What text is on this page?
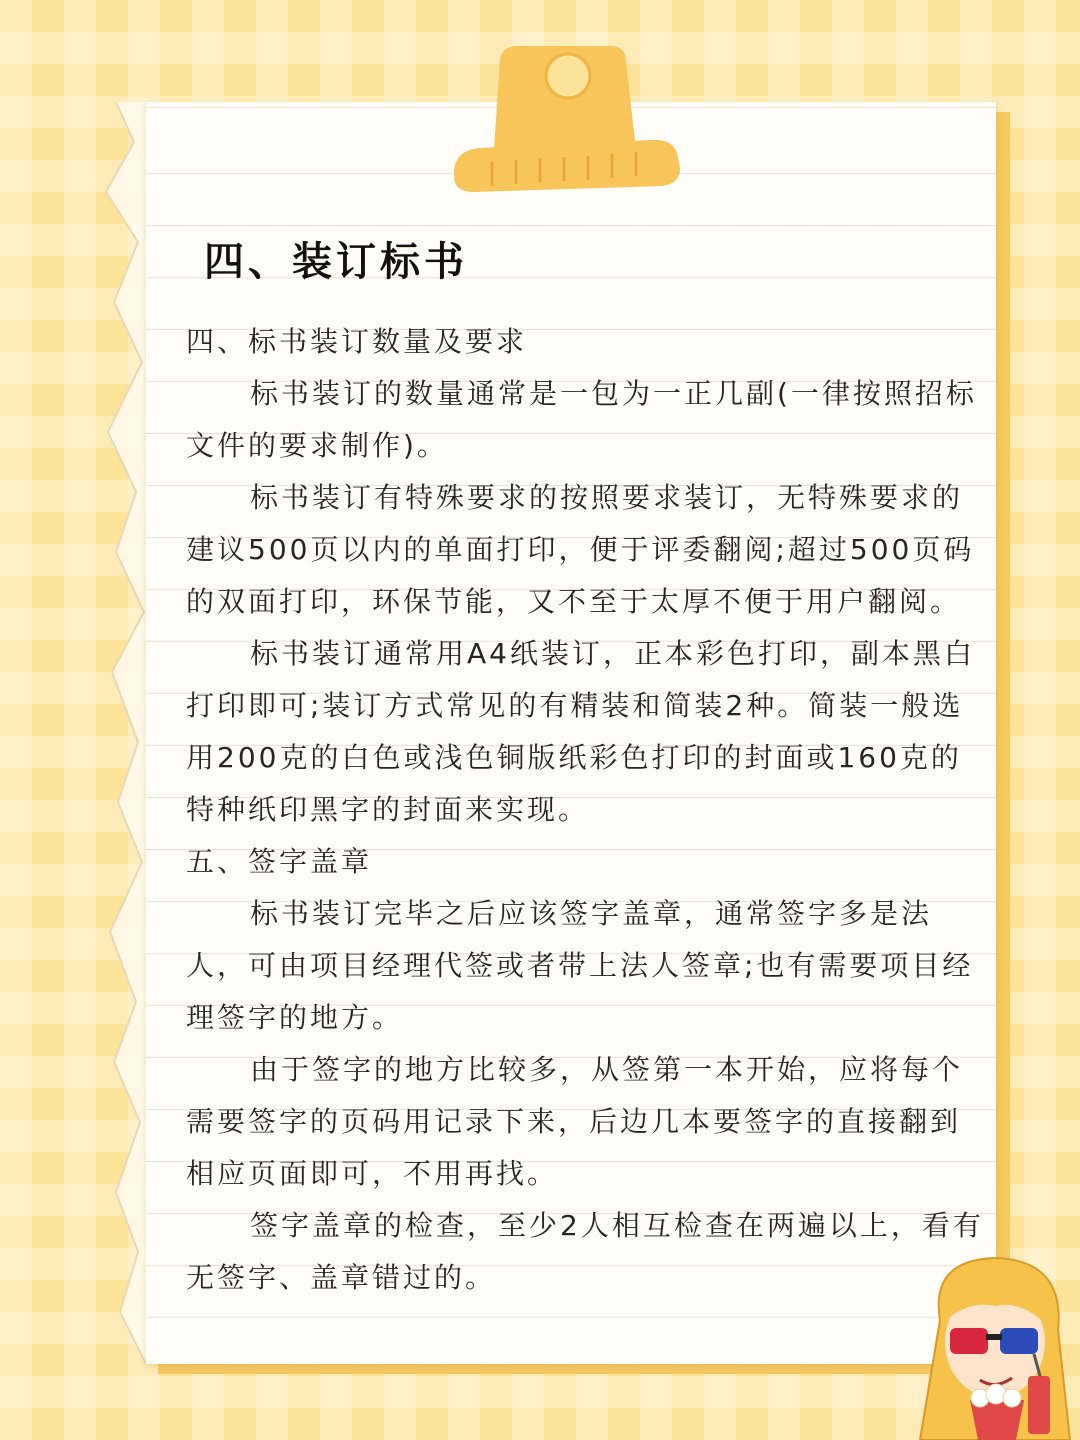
四、装订标书
四、标书装订数量及要求

标书装订的数量通常是一包为一正几副(一律按照招标文件的要求制作)。

标书装订有特殊要求的按照要求装订，无特殊要求的建议500页以内的单面打印，便于评委翻阅;超过500页码的双面打印，环保节能，又不至于太厚不便于用户翻阅。

标书装订通常用A4纸装订，正本彩色打印，副本黑白打印即可;装订方式常见的有精装和简装2种。简装一般选用200克的白色或浅色铜版纸彩色打印的封面或160克的特种纸印黑字的封面来实现。

五、签字盖章

标书装订完毕之后应该签字盖章，通常签字多是法人，可由项目经理代签或者带上法人签章;也有需要项目经理签字的地方。

由于签字的地方比较多，从签第一本开始，应将每个需要签字的页码用记录下来，后边几本要签字的直接翻到相应页面即可，不用再找。

签字盖章的检查，至少2人相互检查在两遍以上，看有无签字、盖章错过的。
